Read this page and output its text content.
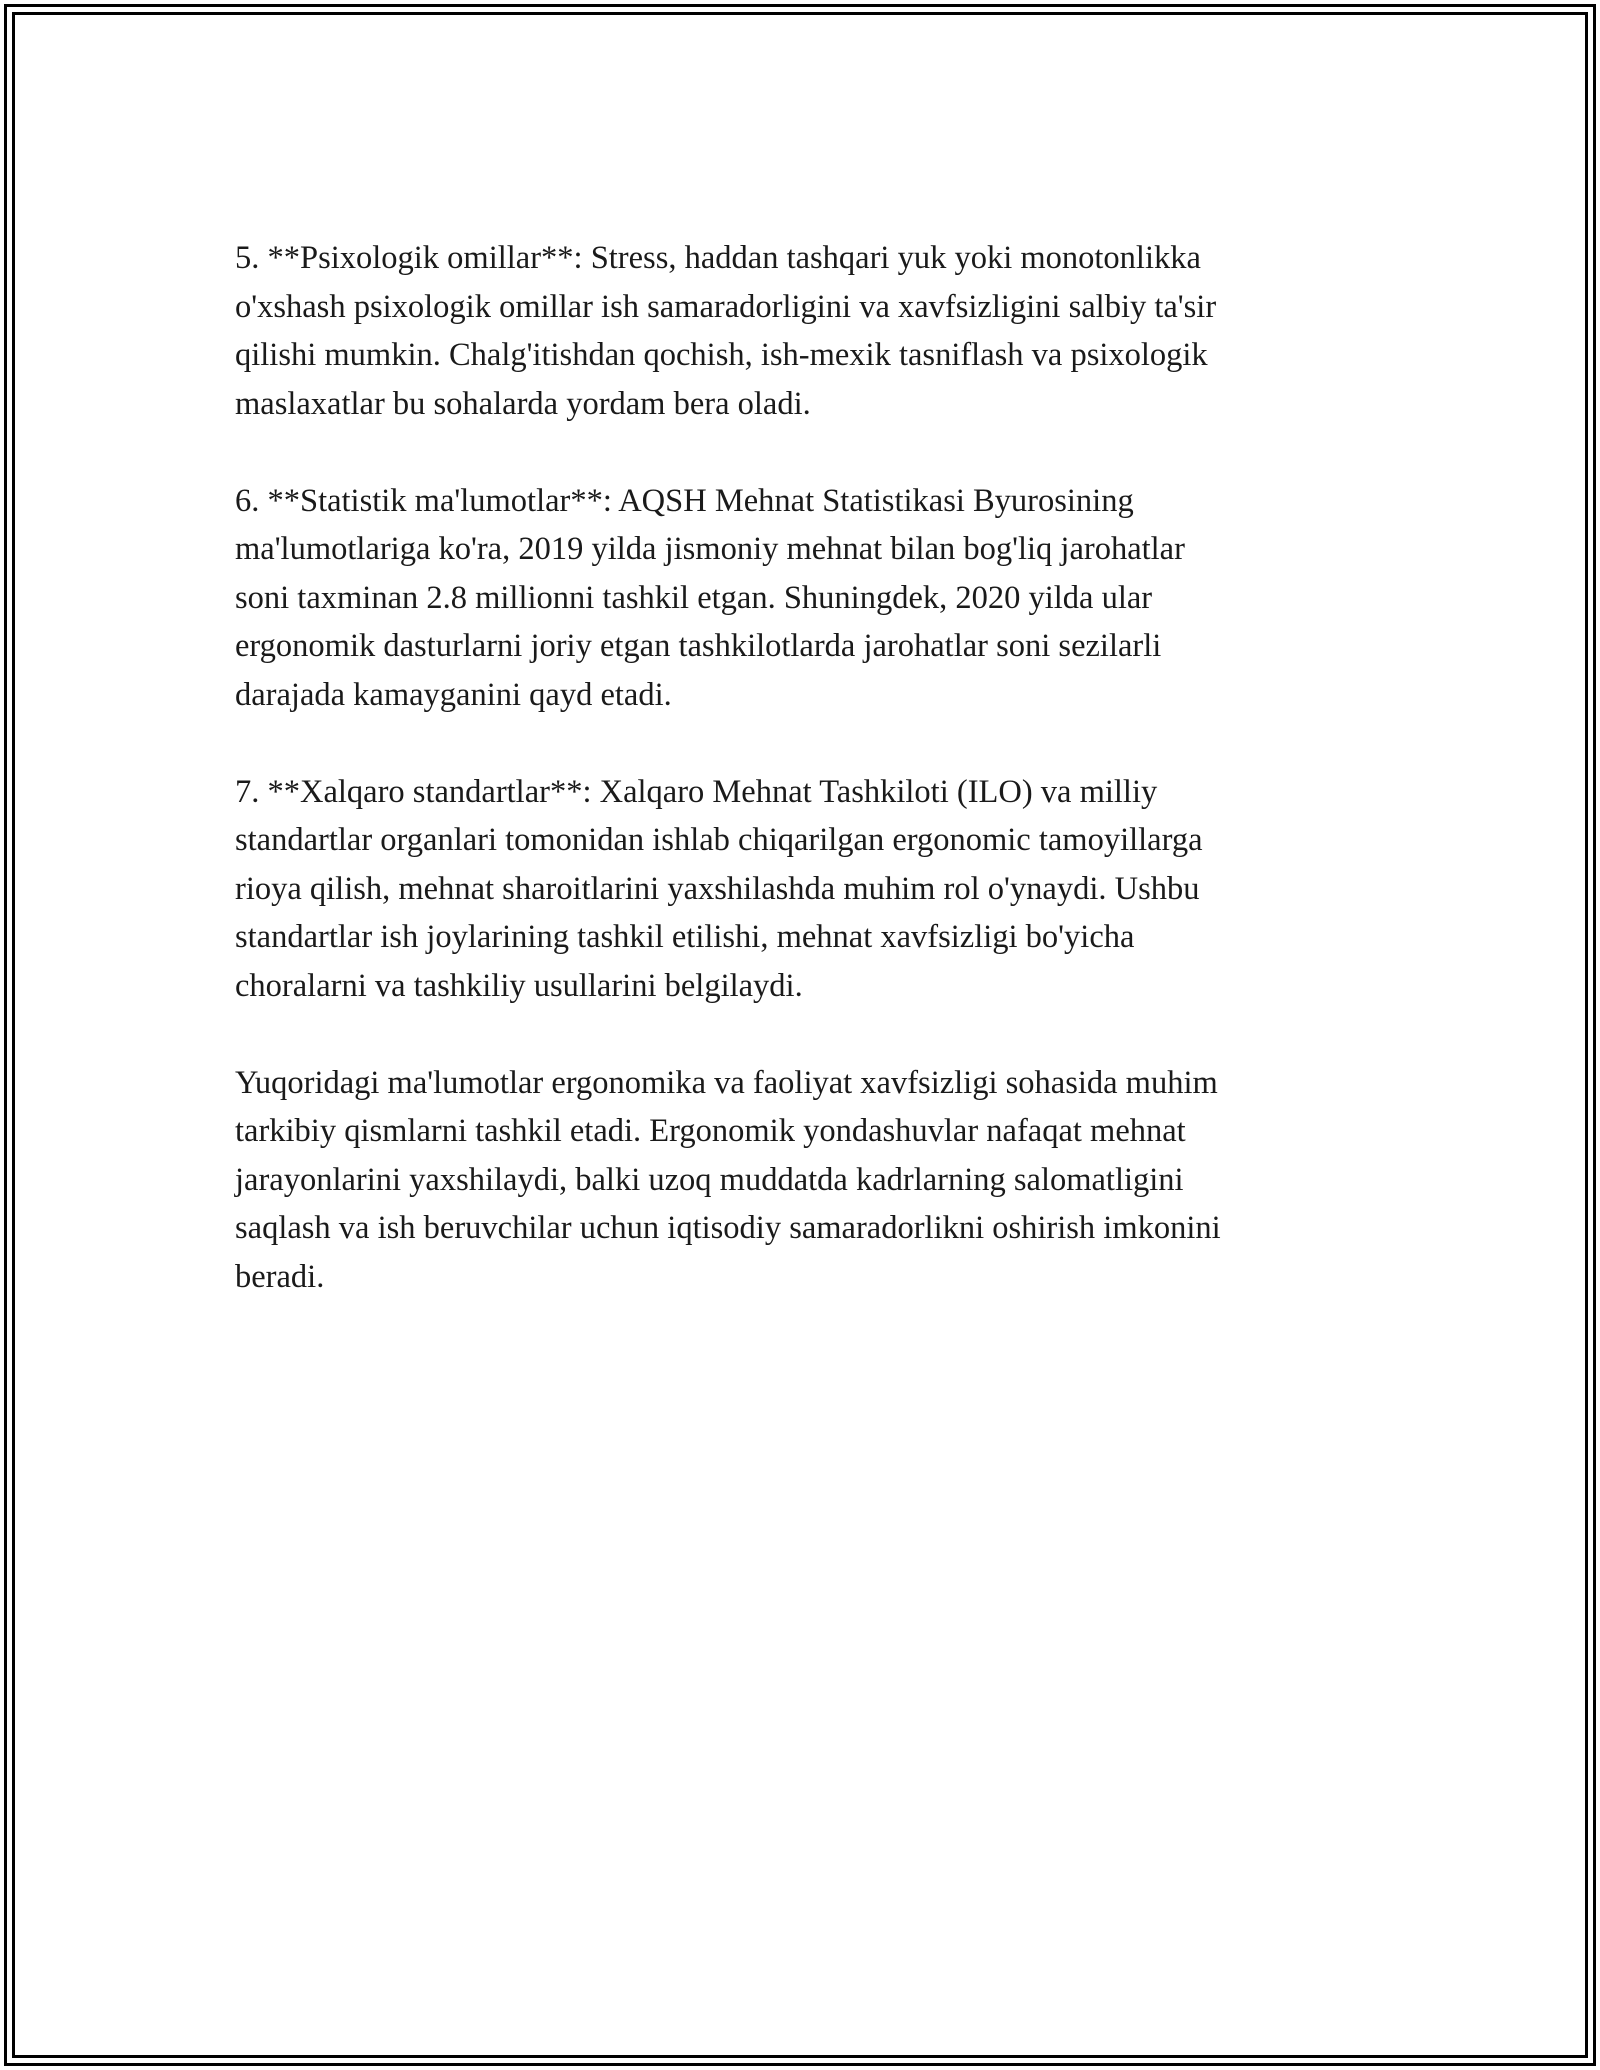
5. **Psixologik omillar**: Stress, haddan tashqari yuk yoki monotonlikka
o'xshash psixologik omillar ish samaradorligini va xavfsizligini salbiy ta'sir
qilishi mumkin. Chalg'itishdan qochish, ish-mexik tasniflash va psixologik
maslaxatlar bu sohalarda yordam bera oladi.

6. **Statistik ma'lumotlar**: AQSH Mehnat Statistikasi Byurosining
ma'lumotlariga ko'ra, 2019 yilda jismoniy mehnat bilan bog'liq jarohatlar
soni taxminan 2.8 millionni tashkil etgan. Shuningdek, 2020 yilda ular
ergonomik dasturlarni joriy etgan tashkilotlarda jarohatlar soni sezilarli
darajada kamayganini qayd etadi.

7. **Xalqaro standartlar**: Xalqaro Mehnat Tashkiloti (ILO) va milliy
standartlar organlari tomonidan ishlab chiqarilgan ergonomic tamoyillarga
rioya qilish, mehnat sharoitlarini yaxshilashda muhim rol o'ynaydi. Ushbu
standartlar ish joylarining tashkil etilishi, mehnat xavfsizligi bo'yicha
choralarni va tashkiliy usullarini belgilaydi.

Yuqoridagi ma'lumotlar ergonomika va faoliyat xavfsizligi sohasida muhim
tarkibiy qismlarni tashkil etadi. Ergonomik yondashuvlar nafaqat mehnat
jarayonlarini yaxshilaydi, balki uzoq muddatda kadrlarning salomatligini
saqlash va ish beruvchilar uchun iqtisodiy samaradorlikni oshirish imkonini
beradi.
